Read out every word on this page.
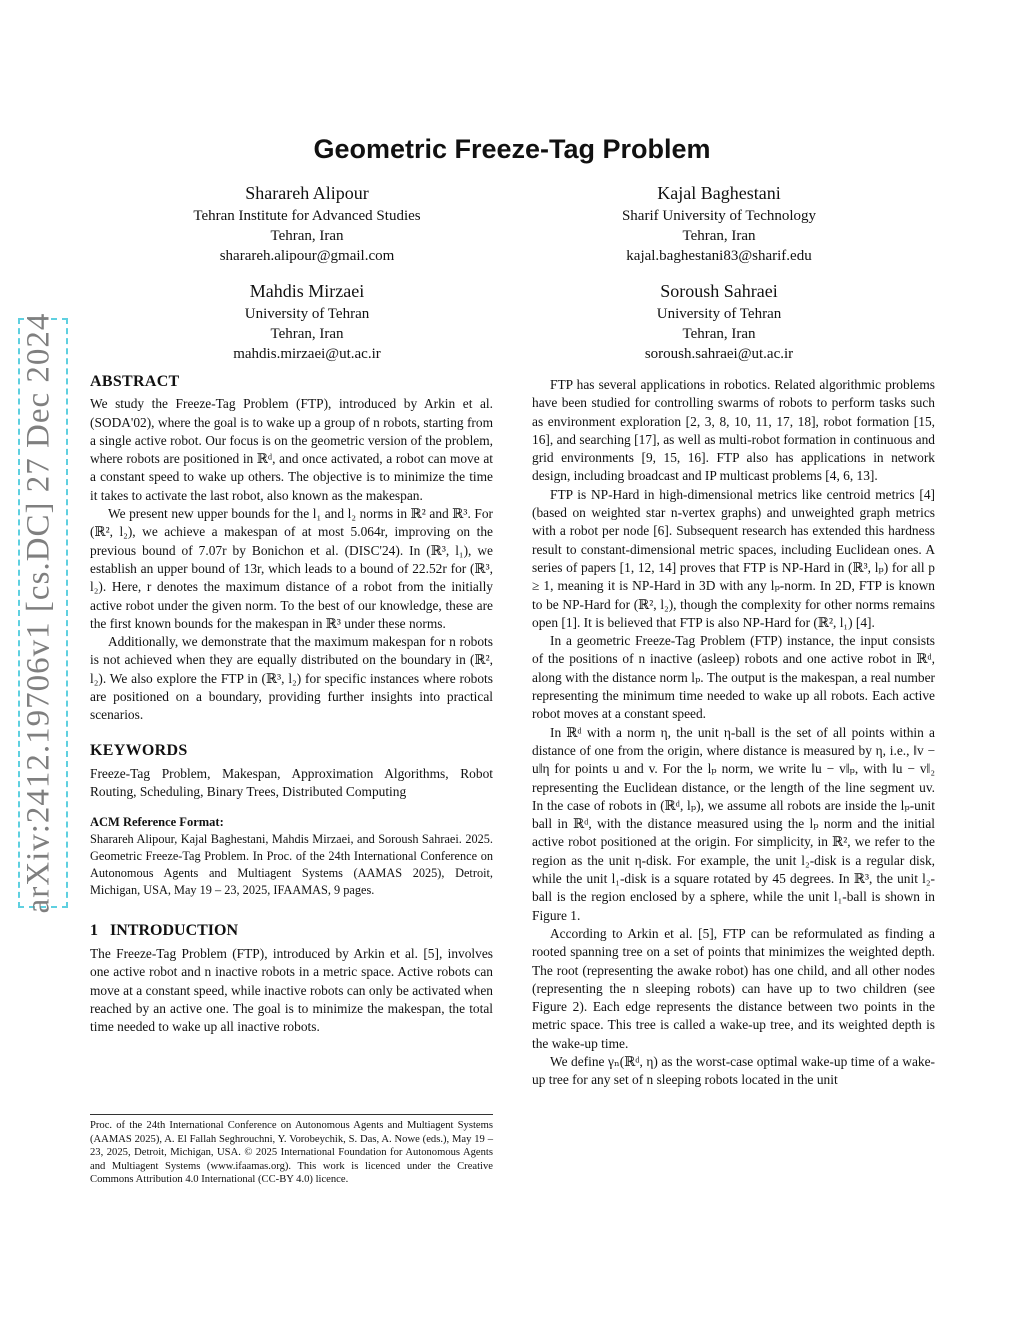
arXiv:2412.19706v1 [cs.DC] 27 Dec 2024
Geometric Freeze-Tag Problem
Sharareh Alipour
Tehran Institute for Advanced Studies
Tehran, Iran
sharareh.alipour@gmail.com
Kajal Baghestani
Sharif University of Technology
Tehran, Iran
kajal.baghestani83@sharif.edu
Mahdis Mirzaei
University of Tehran
Tehran, Iran
mahdis.mirzaei@ut.ac.ir
Soroush Sahraei
University of Tehran
Tehran, Iran
soroush.sahraei@ut.ac.ir
ABSTRACT

We study the Freeze-Tag Problem (FTP), introduced by Arkin et al. (SODA'02), where the goal is to wake up a group of n robots, starting from a single active robot. Our focus is on the geometric version of the problem, where robots are positioned in ℝᵈ, and once activated, a robot can move at a constant speed to wake up others. The objective is to minimize the time it takes to activate the last robot, also known as the makespan.

We present new upper bounds for the l₁ and l₂ norms in ℝ² and ℝ³. For (ℝ², l₂), we achieve a makespan of at most 5.064r, improving on the previous bound of 7.07r by Bonichon et al. (DISC'24). In (ℝ³, l₁), we establish an upper bound of 13r, which leads to a bound of 22.52r for (ℝ³, l₂). Here, r denotes the maximum distance of a robot from the initially active robot under the given norm. To the best of our knowledge, these are the first known bounds for the makespan in ℝ³ under these norms.

Additionally, we demonstrate that the maximum makespan for n robots is not achieved when they are equally distributed on the boundary in (ℝ², l₂). We also explore the FTP in (ℝ³, l₂) for specific instances where robots are positioned on a boundary, providing further insights into practical scenarios.

KEYWORDS

Freeze-Tag Problem, Makespan, Approximation Algorithms, Robot Routing, Scheduling, Binary Trees, Distributed Computing

ACM Reference Format:
Sharareh Alipour, Kajal Baghestani, Mahdis Mirzaei, and Soroush Sahraei. 2025. Geometric Freeze-Tag Problem. In Proc. of the 24th International Conference on Autonomous Agents and Multiagent Systems (AAMAS 2025), Detroit, Michigan, USA, May 19 – 23, 2025, IFAAMAS, 9 pages.
1   INTRODUCTION

The Freeze-Tag Problem (FTP), introduced by Arkin et al. [5], involves one active robot and n inactive robots in a metric space. Active robots can move at a constant speed, while inactive robots can only be activated when reached by an active one. The goal is to minimize the makespan, the total time needed to wake up all inactive robots.

Proc. of the 24th International Conference on Autonomous Agents and Multiagent Systems (AAMAS 2025), A. El Fallah Seghrouchni, Y. Vorobeychik, S. Das, A. Nowe (eds.), May 19 – 23, 2025, Detroit, Michigan, USA. © 2025 International Foundation for Autonomous Agents and Multiagent Systems (www.ifaamas.org). This work is licenced under the Creative Commons Attribution 4.0 International (CC-BY 4.0) licence.

FTP has several applications in robotics. Related algorithmic problems have been studied for controlling swarms of robots to perform tasks such as environment exploration [2, 3, 8, 10, 11, 17, 18], robot formation [15, 16], and searching [17], as well as multi-robot formation in continuous and grid environments [9, 15, 16]. FTP also has applications in network design, including broadcast and IP multicast problems [4, 6, 13].

FTP is NP-Hard in high-dimensional metrics like centroid metrics [4] (based on weighted star n-vertex graphs) and unweighted graph metrics with a robot per node [6]. Subsequent research has extended this hardness result to constant-dimensional metric spaces, including Euclidean ones. A series of papers [1, 12, 14] proves that FTP is NP-Hard in (ℝ³, lₚ) for all p ≥ 1, meaning it is NP-Hard in 3D with any lₚ-norm. In 2D, FTP is known to be NP-Hard for (ℝ², l₂), though the complexity for other norms remains open [1]. It is believed that FTP is also NP-Hard for (ℝ², l₁) [4].

In a geometric Freeze-Tag Problem (FTP) instance, the input consists of the positions of n inactive (asleep) robots and one active robot in ℝᵈ, along with the distance norm lₚ. The output is the makespan, a real number representing the minimum time needed to wake up all robots. Each active robot moves at a constant speed.

In ℝᵈ with a norm η, the unit η-ball is the set of all points within a distance of one from the origin, where distance is measured by η, i.e., ‖v − u‖η for points u and v. For the lₚ norm, we write ‖u − v‖ₚ, with ‖u − v‖₂ representing the Euclidean distance, or the length of the line segment uv. In the case of robots in (ℝᵈ, lₚ), we assume all robots are inside the lₚ-unit ball in ℝᵈ, with the distance measured using the lₚ norm and the initial active robot positioned at the origin. For simplicity, in ℝ², we refer to the region as the unit η-disk. For example, the unit l₂-disk is a regular disk, while the unit l₁-disk is a square rotated by 45 degrees. In ℝ³, the unit l₂-ball is the region enclosed by a sphere, while the unit l₁-ball is shown in Figure 1.

According to Arkin et al. [5], FTP can be reformulated as finding a rooted spanning tree on a set of points that minimizes the weighted depth. The root (representing the awake robot) has one child, and all other nodes (representing the n sleeping robots) can have up to two children (see Figure 2). Each edge represents the distance between two points in the metric space. This tree is called a wake-up tree, and its weighted depth is the wake-up time.

We define γₙ(ℝᵈ, η) as the worst-case optimal wake-up time of a wake-up tree for any set of n sleeping robots located in the unit
